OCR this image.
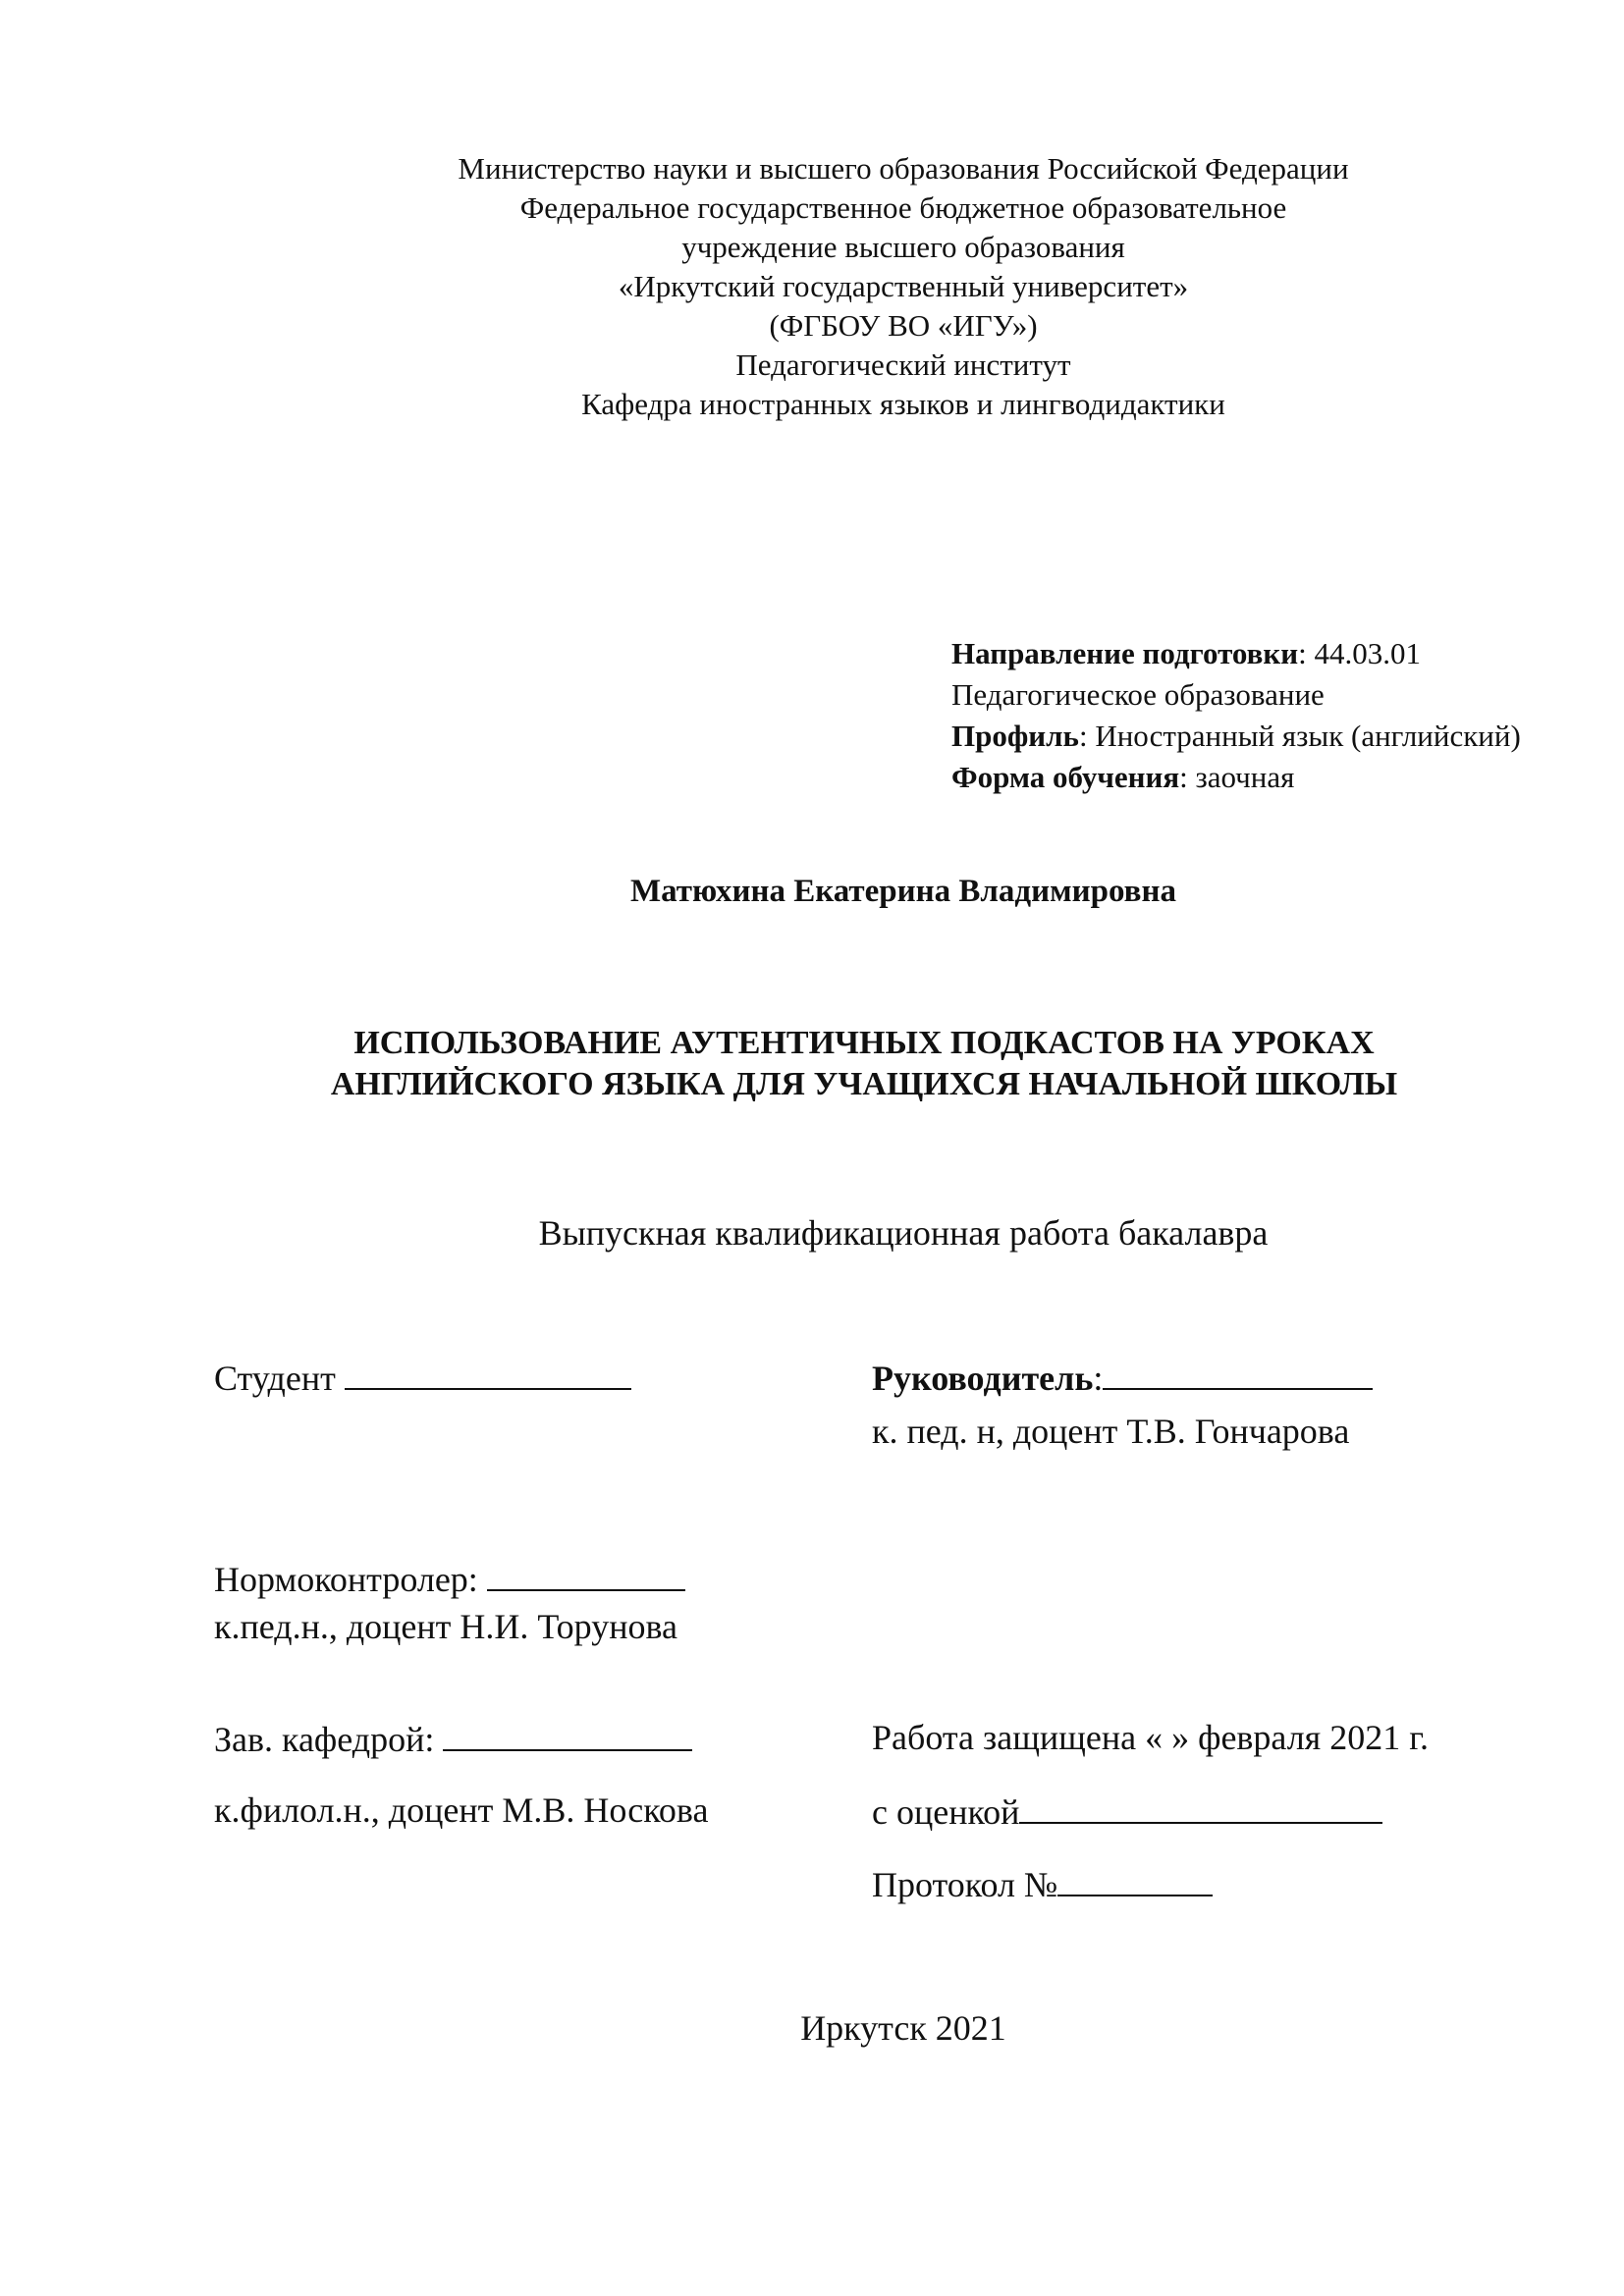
Министерство науки и высшего образования Российской Федерации
Федеральное государственное бюджетное образовательное
учреждение высшего образования
«Иркутский государственный университет»
(ФГБОУ ВО «ИГУ»)
Педагогический институт
Кафедра иностранных языков и лингводидактики
Направление подготовки: 44.03.01
Педагогическое образование
Профиль: Иностранный язык (английский)
Форма обучения: заочная
Матюхина Екатерина Владимировна
ИСПОЛЬЗОВАНИЕ АУТЕНТИЧНЫХ ПОДКАСТОВ НА УРОКАХ
АНГЛИЙСКОГО ЯЗЫКА ДЛЯ УЧАЩИХСЯ НАЧАЛЬНОЙ ШКОЛЫ
Выпускная квалификационная работа бакалавра
Студент	Руководитель:
к. пед. н, доцент Т.В. Гончарова
Нормоконтролер:
к.пед.н., доцент Н.И. Торунова
Зав. кафедрой:
к.филол.н., доцент М.В. Носкова
Работа защищена « » февраля 2021 г.
с оценкой
Протокол №
Иркутск 2021
